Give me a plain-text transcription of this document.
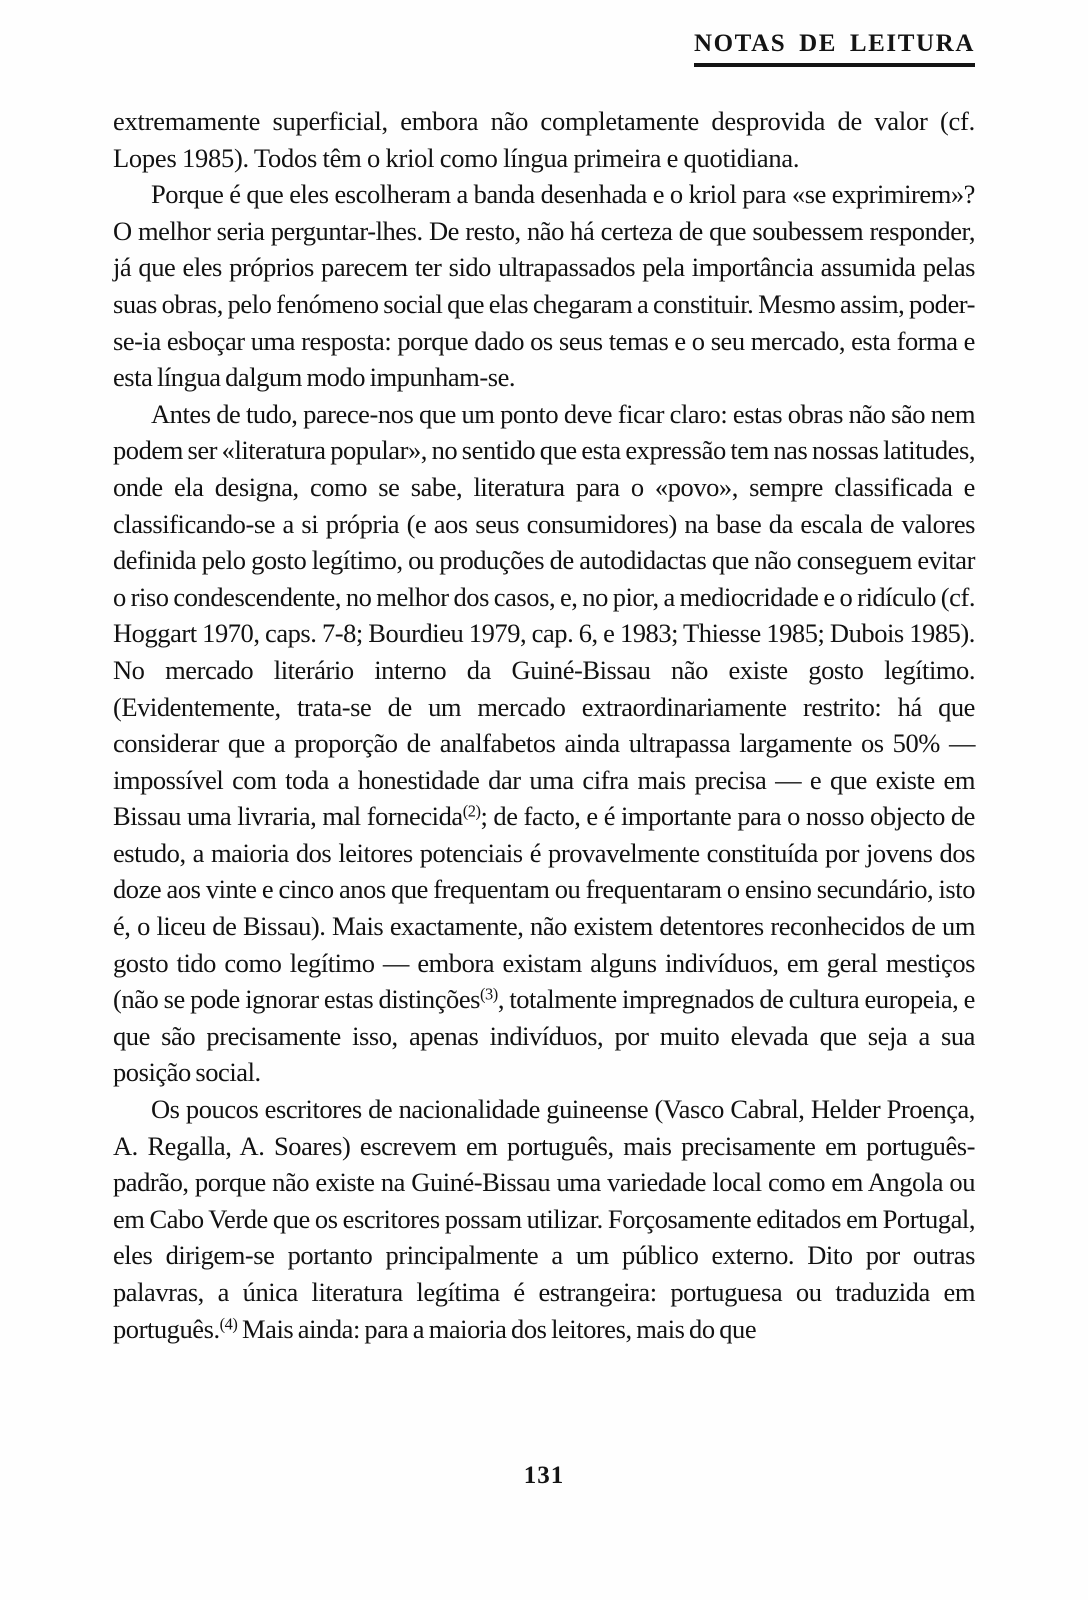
NOTAS DE LEITURA

extremamente superficial, embora não completamente desprovida de valor (cf. Lopes 1985). Todos têm o kriol como língua primeira e quotidiana.

Porque é que eles escolheram a banda desenhada e o kriol para «se exprimirem»? O melhor seria perguntar-lhes. De resto, não há certeza de que soubessem responder, já que eles próprios parecem ter sido ultrapassados pela importância assumida pelas suas obras, pelo fenómeno social que elas chegaram a constituir. Mesmo assim, poder-se-ia esboçar uma resposta: porque dado os seus temas e o seu mercado, esta forma e esta língua dalgum modo impunham-se.

Antes de tudo, parece-nos que um ponto deve ficar claro: estas obras não são nem podem ser «literatura popular», no sentido que esta expressão tem nas nossas latitudes, onde ela designa, como se sabe, literatura para o «povo», sempre classificada e classificando-se a si própria (e aos seus consumidores) na base da escala de valores definida pelo gosto legítimo, ou produções de autodidactas que não conseguem evitar o riso condescendente, no melhor dos casos, e, no pior, a mediocridade e o ridículo (cf. Hoggart 1970, caps. 7-8; Bourdieu 1979, cap. 6, e 1983; Thiesse 1985; Dubois 1985). No mercado literário interno da Guiné-Bissau não existe gosto legítimo. (Evidentemente, trata-se de um mercado extraordinariamente restrito: há que considerar que a proporção de analfabetos ainda ultrapassa largamente os 50% — impossível com toda a honestidade dar uma cifra mais precisa — e que existe em Bissau uma livraria, mal fornecida$^{(2)}$; de facto, e é importante para o nosso objecto de estudo, a maioria dos leitores potenciais é provavelmente constituída por jovens dos doze aos vinte e cinco anos que frequentam ou frequentaram o ensino secundário, isto é, o liceu de Bissau). Mais exactamente, não existem detentores reconhecidos de um gosto tido como legítimo — embora existam alguns indivíduos, em geral mestiços (não se pode ignorar estas distinções$^{(3)}$, totalmente impregnados de cultura europeia, e que são precisamente isso, apenas indivíduos, por muito elevada que seja a sua posição social.

Os poucos escritores de nacionalidade guineense (Vasco Cabral, Helder Proença, A. Regalla, A. Soares) escrevem em português, mais precisamente em português-padrão, porque não existe na Guiné-Bissau uma variedade local como em Angola ou em Cabo Verde que os escritores possam utilizar. Forçosamente editados em Portugal, eles dirigem-se portanto principalmente a um público externo. Dito por outras palavras, a única literatura legítima é estrangeira: portuguesa ou traduzida em português.$^{(4)}$ Mais ainda: para a maioria dos leitores, mais do que

131
